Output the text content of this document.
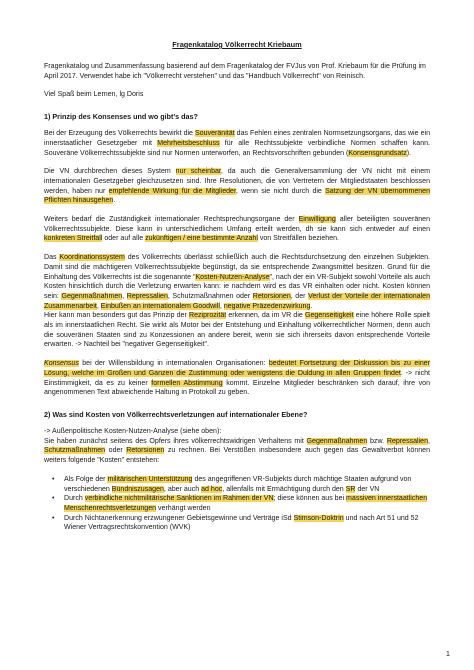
Fragenkatalog Völkerrecht Kriebaum

Fragenkatalog und Zusammenfassung basierend auf dem Fragenkatalog der FVJus von Prof. Kriebaum für die Prüfung im April 2017. Verwendet habe ich "Völkerrecht verstehen" und das "Handbuch Völkerrecht" von Reinisch.

Viel Spaß beim Lernen, lg Doris

1) Prinzip des Konsenses und wo gibt’s das?

Bei der Erzeugung des Völkerrechts bewirkt die Souveränität das Fehlen eines zentralen Normsetzungsorgans, das wie ein innerstaatlicher Gesetzgeber mit Mehrheitsbeschluss für alle Rechtssubjekte verbindliche Normen schaffen kann. Souveräne Völkerrechtssubjekte sind nur Normen unterworfen, an Rechtsvorschriften gebunden (Konsensgrundsatz).

Die VN durchbrechen dieses System nur scheinbar, da auch die Generalversammlung der VN nicht mit einem internationalen Gesetzgeber gleichzusetzen sind. Ihre Resolutionen, die von Vertretern der Mitgliedstaaten beschlossen werden, haben nur empfehlende Wirkung für die Mitglieder, wenn sie nicht durch die Satzung der VN übernommenen Pflichten hinausgehen.

Weiters bedarf die Zuständigkeit internationaler Rechtsprechungsorgane der Einwilligung aller beteiligten souveränen Völkerrechtssubjekte. Diese kann in unterschiedlichem Umfang erteilt werden, dh sie kann sich entweder auf einen konkreten Streitfall oder auf alle zukünftigen / eine bestimmte Anzahl von Streitfällen beziehen.

Das Koordinationssystem des Völkerrechts überlässt schließlich auch die Rechtsdurchsetzung den einzelnen Subjekten. Damit sind die mächtigeren Völkerrechtssubjekte begünstigt, da sie entsprechende Zwangsmittel besitzen. Grund für die Einhaltung des Völkerrechts ist die sogenannte "Kosten-Nutzen-Analyse", nach der ein VR-Subjekt sowohl Vorteile als auch Kosten hinsichtlich durch die Verletzung erwarten kann: ie nachdem wird es das VR einhalten oder nicht. Kosten können sein: Gegenmaßnahmen, Repressalien, Schutzmaßnahmen oder Retorsionen, der Verlust der Vorteile der internationalen Zusammenarbeit, Einbußen an internationalem Goodwill, negative Präzedenzwirkung.
Hier kann man besonders gut das Prinzip der Reziprozität erkennen, da im VR die Gegenseitigkeit eine höhere Rolle spielt als im innerstaatlichen Recht. Sie wirkt als Motor bei der Entstehung und Einhaltung völkerrechtlicher Normen, denn auch die souveränen Staaten sind zu Konzessionen an andere bereit, wenn sie sich ihrerseits davon entsprechende Vorteile erwarten. -> Nachteil bei "negativer Gegenseitigkeit".

Konsensus bei der Willensbildung in internationalen Organisationen: bedeutet Fortsetzung der Diskussion bis zu einer Lösung, welche im Großen und Ganzen die Zustimmung oder wenigstens die Duldung in allen Gruppen findet. -> nicht Einstimmigkeit, da es zu keiner formellen Abstimmung kommt. Einzelne Mitglieder beschränken sich darauf, ihre von angenommenen Text abweichende Haltung in Protokoll zu geben.

2) Was sind Kosten von Völkerrechtsverletzungen auf internationaler Ebene?

-> Außenpolitische Kosten-Nutzen-Analyse (siehe oben):
Sie haben zunächst seitens des Opfers ihres völkerrechtswidrigen Verhaltens mit Gegenmaßnahmen bzw. Repressalien, Schutzmaßnahmen oder Retorsionen zu rechnen. Bei Verstößen insbesondere auch gegen das Gewaltverbot können weiters folgende "Kosten" entstehen:

• Als Folge der militärischen Unterstützung des angegriffenen VR-Subjekts durch mächtige Staaten aufgrund von verschiedenen Bündniszusagen, aber auch ad hoc, allenfalls mit Ermächtigung durch den SR der VN
• Durch verbindliche nichtmilitärische Sanktionen im Rahmen der VN; diese können aus bei massiven innerstaatlichen Menschenrechtsverletzungen verhängt werden
• Durch Nichtanerkennung erzwungener Gebietsgewinne und Verträge iSd Stimson-Doktrin und nach Art 51 und 52 Wiener Vertragsrechtskonvention (WVK)
1
